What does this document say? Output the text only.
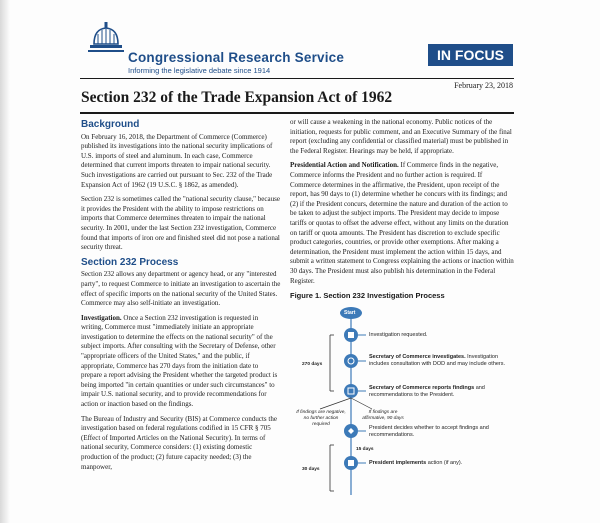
Congressional Research Service
Informing the legislative debate since 1914
IN FOCUS
February 23, 2018
Section 232 of the Trade Expansion Act of 1962
Background

On February 16, 2018, the Department of Commerce (Commerce) published its investigations into the national security implications of U.S. imports of steel and aluminum. In each case, Commerce determined that current imports threaten to impair national security. Such investigations are carried out pursuant to Sec. 232 of the Trade Expansion Act of 1962 (19 U.S.C. § 1862, as amended).

Section 232 is sometimes called the "national security clause," because it provides the President with the ability to impose restrictions on imports that Commerce determines threaten to impair the national security. In 2001, under the last Section 232 investigation, Commerce found that imports of iron ore and finished steel did not pose a national security threat.

Section 232 Process

Section 232 allows any department or agency head, or any "interested party", to request Commerce to initiate an investigation to ascertain the effect of specific imports on the national security of the United States. Commerce may also self-initiate an investigation.

Investigation. Once a Section 232 investigation is requested in writing, Commerce must "immediately initiate an appropriate investigation to determine the effects on the national security" of the subject imports. After consulting with the Secretary of Defense, other "appropriate officers of the United States," and the public, if appropriate, Commerce has 270 days from the initiation date to prepare a report advising the President whether the targeted product is being imported "in certain quantities or under such circumstances" to impair U.S. national security, and to provide recommendations for action or inaction based on the findings.

The Bureau of Industry and Security (BIS) at Commerce conducts the investigation based on federal regulations codified in 15 CFR § 705 (Effect of Imported Articles on the National Security). In terms of national security, Commerce considers: (1) existing domestic production of the product; (2) future capacity needed; (3) the manpower,

or will cause a weakening in the national economy. Public notices of the initiation, requests for public comment, and an Executive Summary of the final report (excluding any confidential or classified material) must be published in the Federal Register. Hearings may be held, if appropriate.

Presidential Action and Notification. If Commerce finds in the negative, Commerce informs the President and no further action is required. If Commerce determines in the affirmative, the President, upon receipt of the report, has 90 days to (1) determine whether he concurs with its findings; and (2) if the President concurs, determine the nature and duration of the action to be taken to adjust the subject imports. The President may decide to impose tariffs or quotas to offset the adverse effect, without any limits on the duration on tariff or quota amounts. The President has discretion to exclude specific product categories, countries, or provide other exemptions. After making a determination, the President must implement the action within 15 days, and submit a written statement to Congress explaining the actions or inaction within 30 days. The President must also publish his determination in the Federal Register.

Figure 1. Section 232 Investigation Process
Start
Investigation requested.
Secretary of Commerce investigates. Investigation includes consultation with DOD and may include others.
Secretary of Commerce reports findings and recommendations to the President.
270 days
If findings are negative, no further action required
If findings are affirmative, 90 days
President decides whether to accept findings and recommendations.
15 days
President implements action (if any).
30 days
